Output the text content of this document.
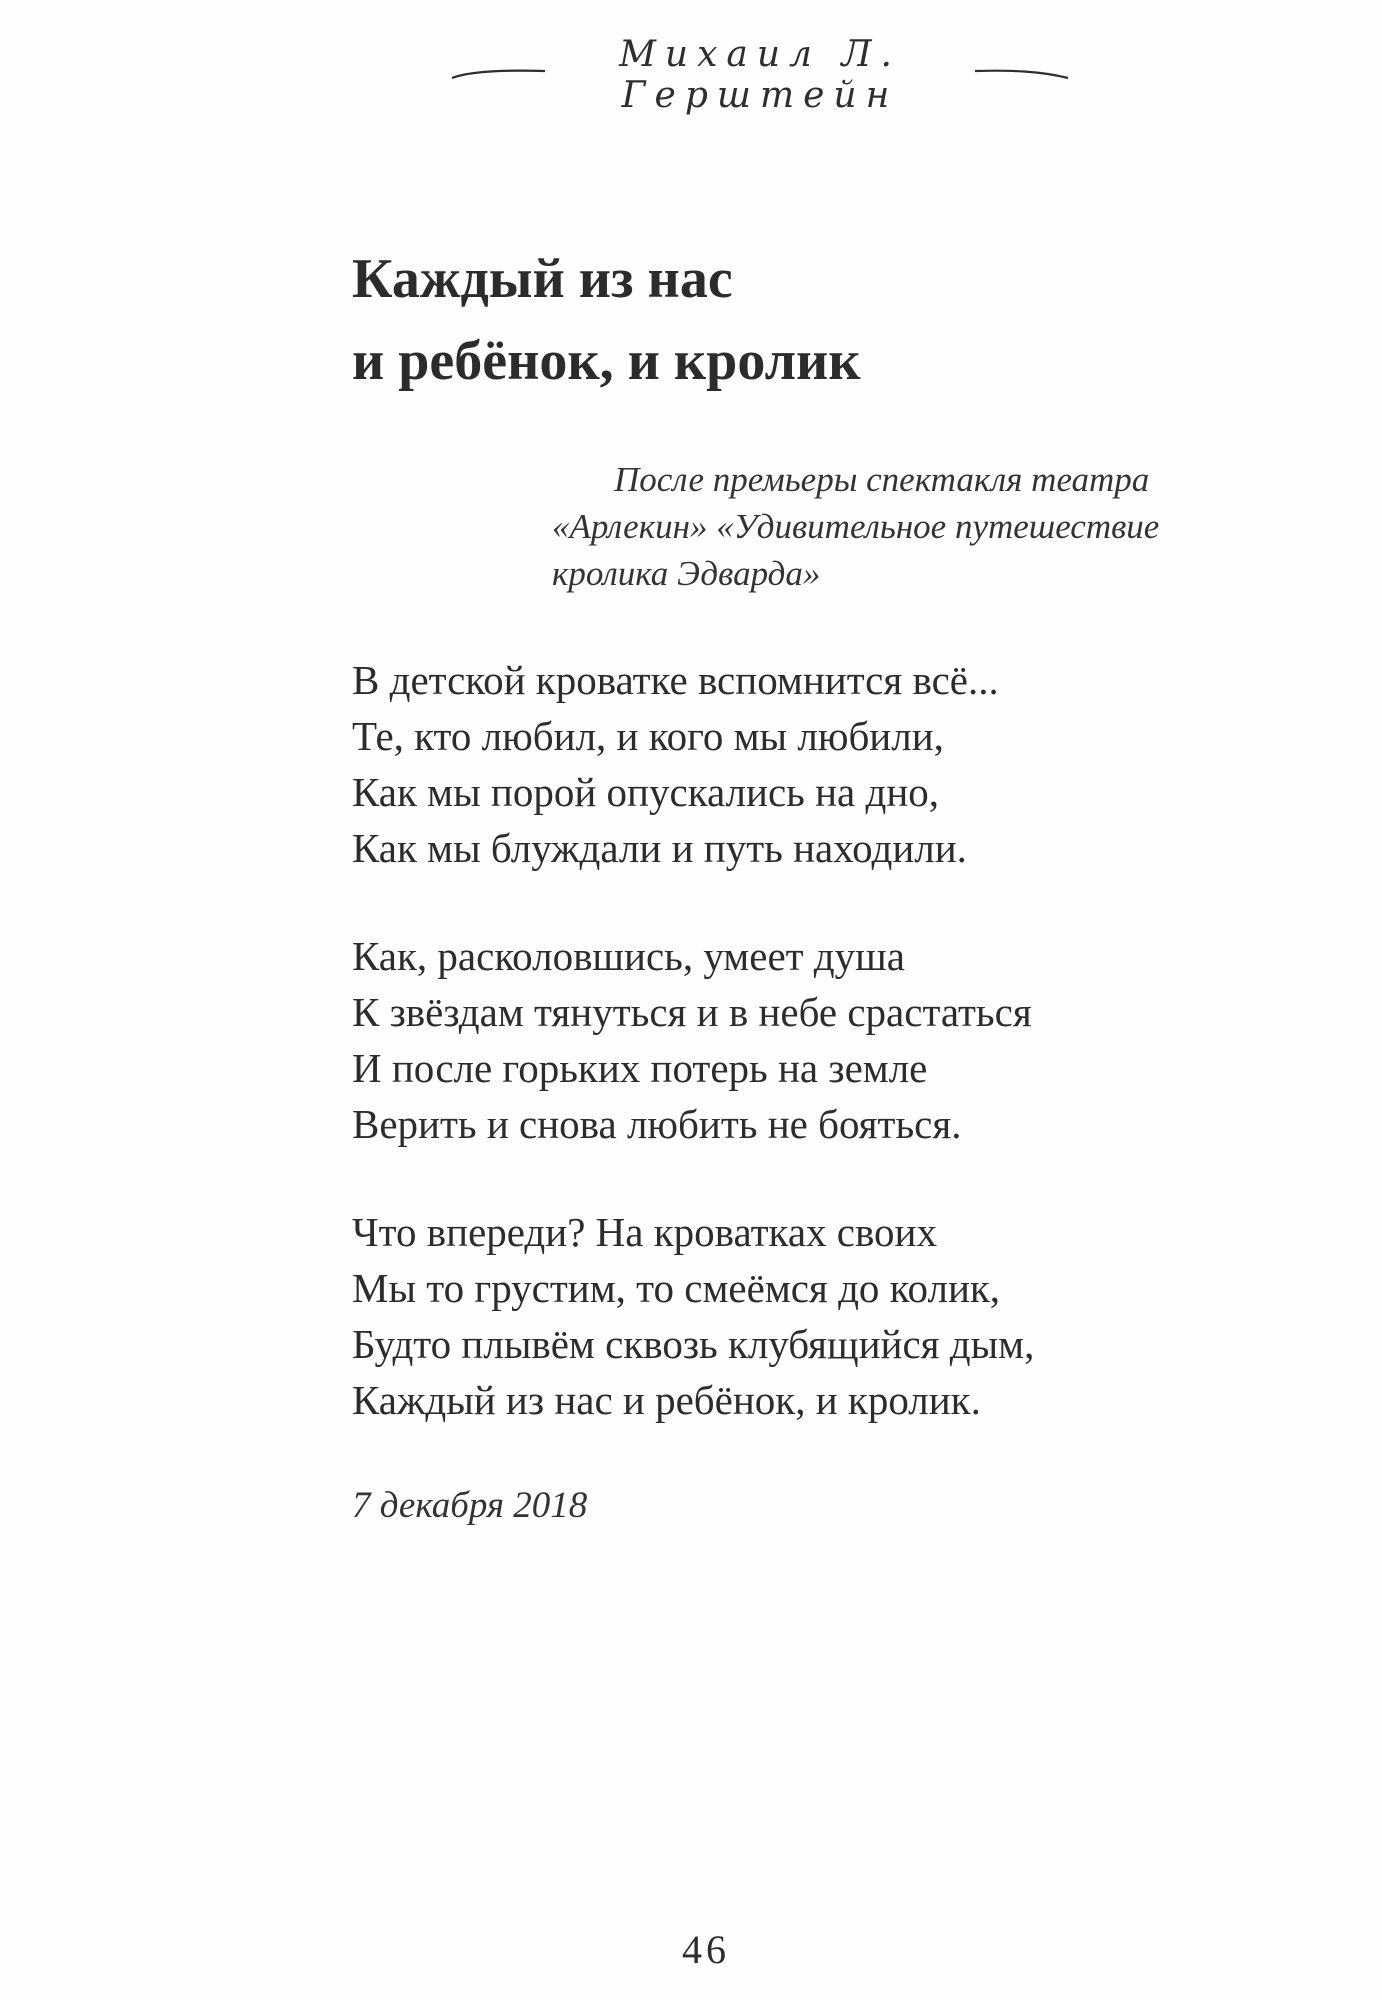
Михаил Л. Герштейн
Каждый из нас
и ребёнок, и кролик
После премьеры спектакля театра
«Арлекин» «Удивительное путешествие
кролика Эдварда»
В детской кроватке вспомнится всё...
Те, кто любил, и кого мы любили,
Как мы порой опускались на дно,
Как мы блуждали и путь находили.
Как, расколовшись, умеет душа
К звёздам тянуться и в небе срастаться
И после горьких потерь на земле
Верить и снова любить не бояться.
Что впереди? На кроватках своих
Мы то грустим, то смеёмся до колик,
Будто плывём сквозь клубящийся дым,
Каждый из нас и ребёнок, и кролик.
7 декабря 2018
46
